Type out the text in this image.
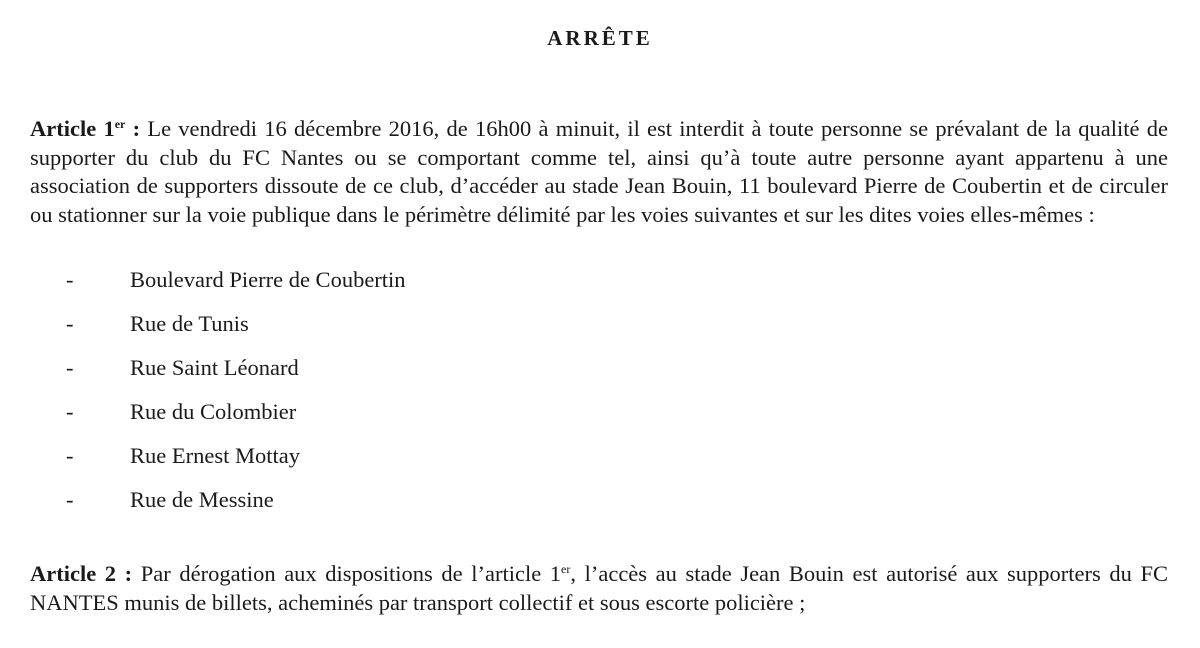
ARRÊTE
Article 1er : Le vendredi 16 décembre 2016, de 16h00 à minuit, il est interdit à toute personne se prévalant de la qualité de supporter du club du FC Nantes ou se comportant comme tel, ainsi qu’à toute autre personne ayant appartenu à une association de supporters dissoute de ce club, d’accéder au stade Jean Bouin, 11 boulevard Pierre de Coubertin et de circuler ou stationner sur la voie publique dans le périmètre délimité par les voies suivantes et sur les dites voies elles-mêmes :
-	Boulevard Pierre de Coubertin
-	Rue de Tunis
-	Rue Saint Léonard
-	Rue du Colombier
-	Rue Ernest Mottay
-	Rue de Messine
Article 2 : Par dérogation aux dispositions de l’article 1er, l’accès au stade Jean Bouin est autorisé aux supporters du FC NANTES munis de billets, acheminés par transport collectif et sous escorte policière ;
